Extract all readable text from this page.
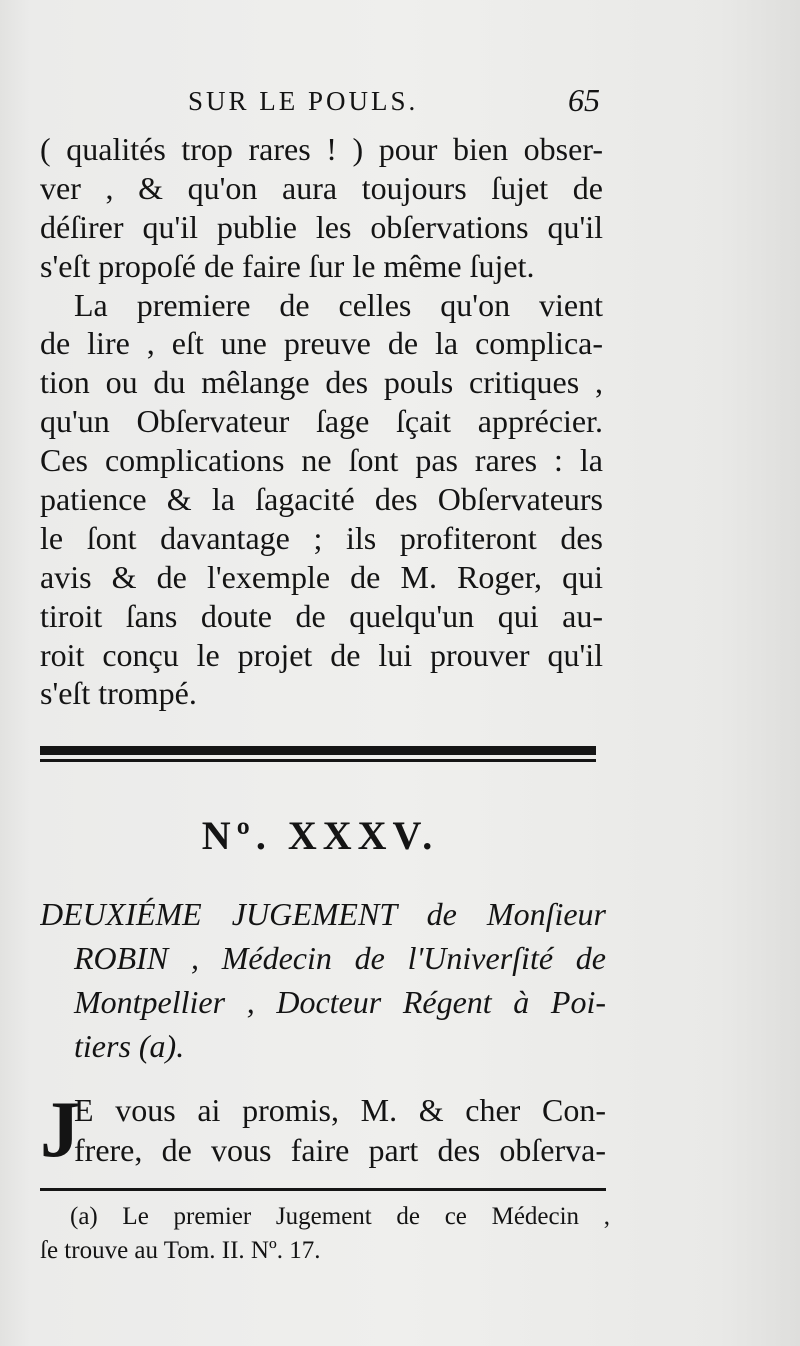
SUR LE POULS.	65
( qualités trop rares ! ) pour bien obser-
ver , & qu'on aura toujours ſujet de
déſirer qu'il publie les obſervations qu'il
s'eſt propoſé de faire ſur le même ſujet.
La premiere de celles qu'on vient
de lire , eſt une preuve de la complica-
tion ou du mêlange des pouls critiques ,
qu'un Obſervateur ſage ſçait apprécier.
Ces complications ne ſont pas rares : la
patience & la ſagacité des Obſervateurs
le ſont davantage ; ils profiteront des
avis & de l'exemple de M. Roger, qui
tiroit ſans doute de quelqu'un qui au-
roit conçu le projet de lui prouver qu'il
s'eſt trompé.
Nº. XXXV.
DEUXIÉME JUGEMENT de Monſieur
ROBIN , Médecin de l'Univerſité de
Montpellier , Docteur Régent à Poi-
tiers (a).
J
E vous ai promis, M. & cher Con-
frere, de vous faire part des obſerva-
(a) Le premier Jugement de ce Médecin ,
ſe trouve au Tom. II. Nº. 17.
